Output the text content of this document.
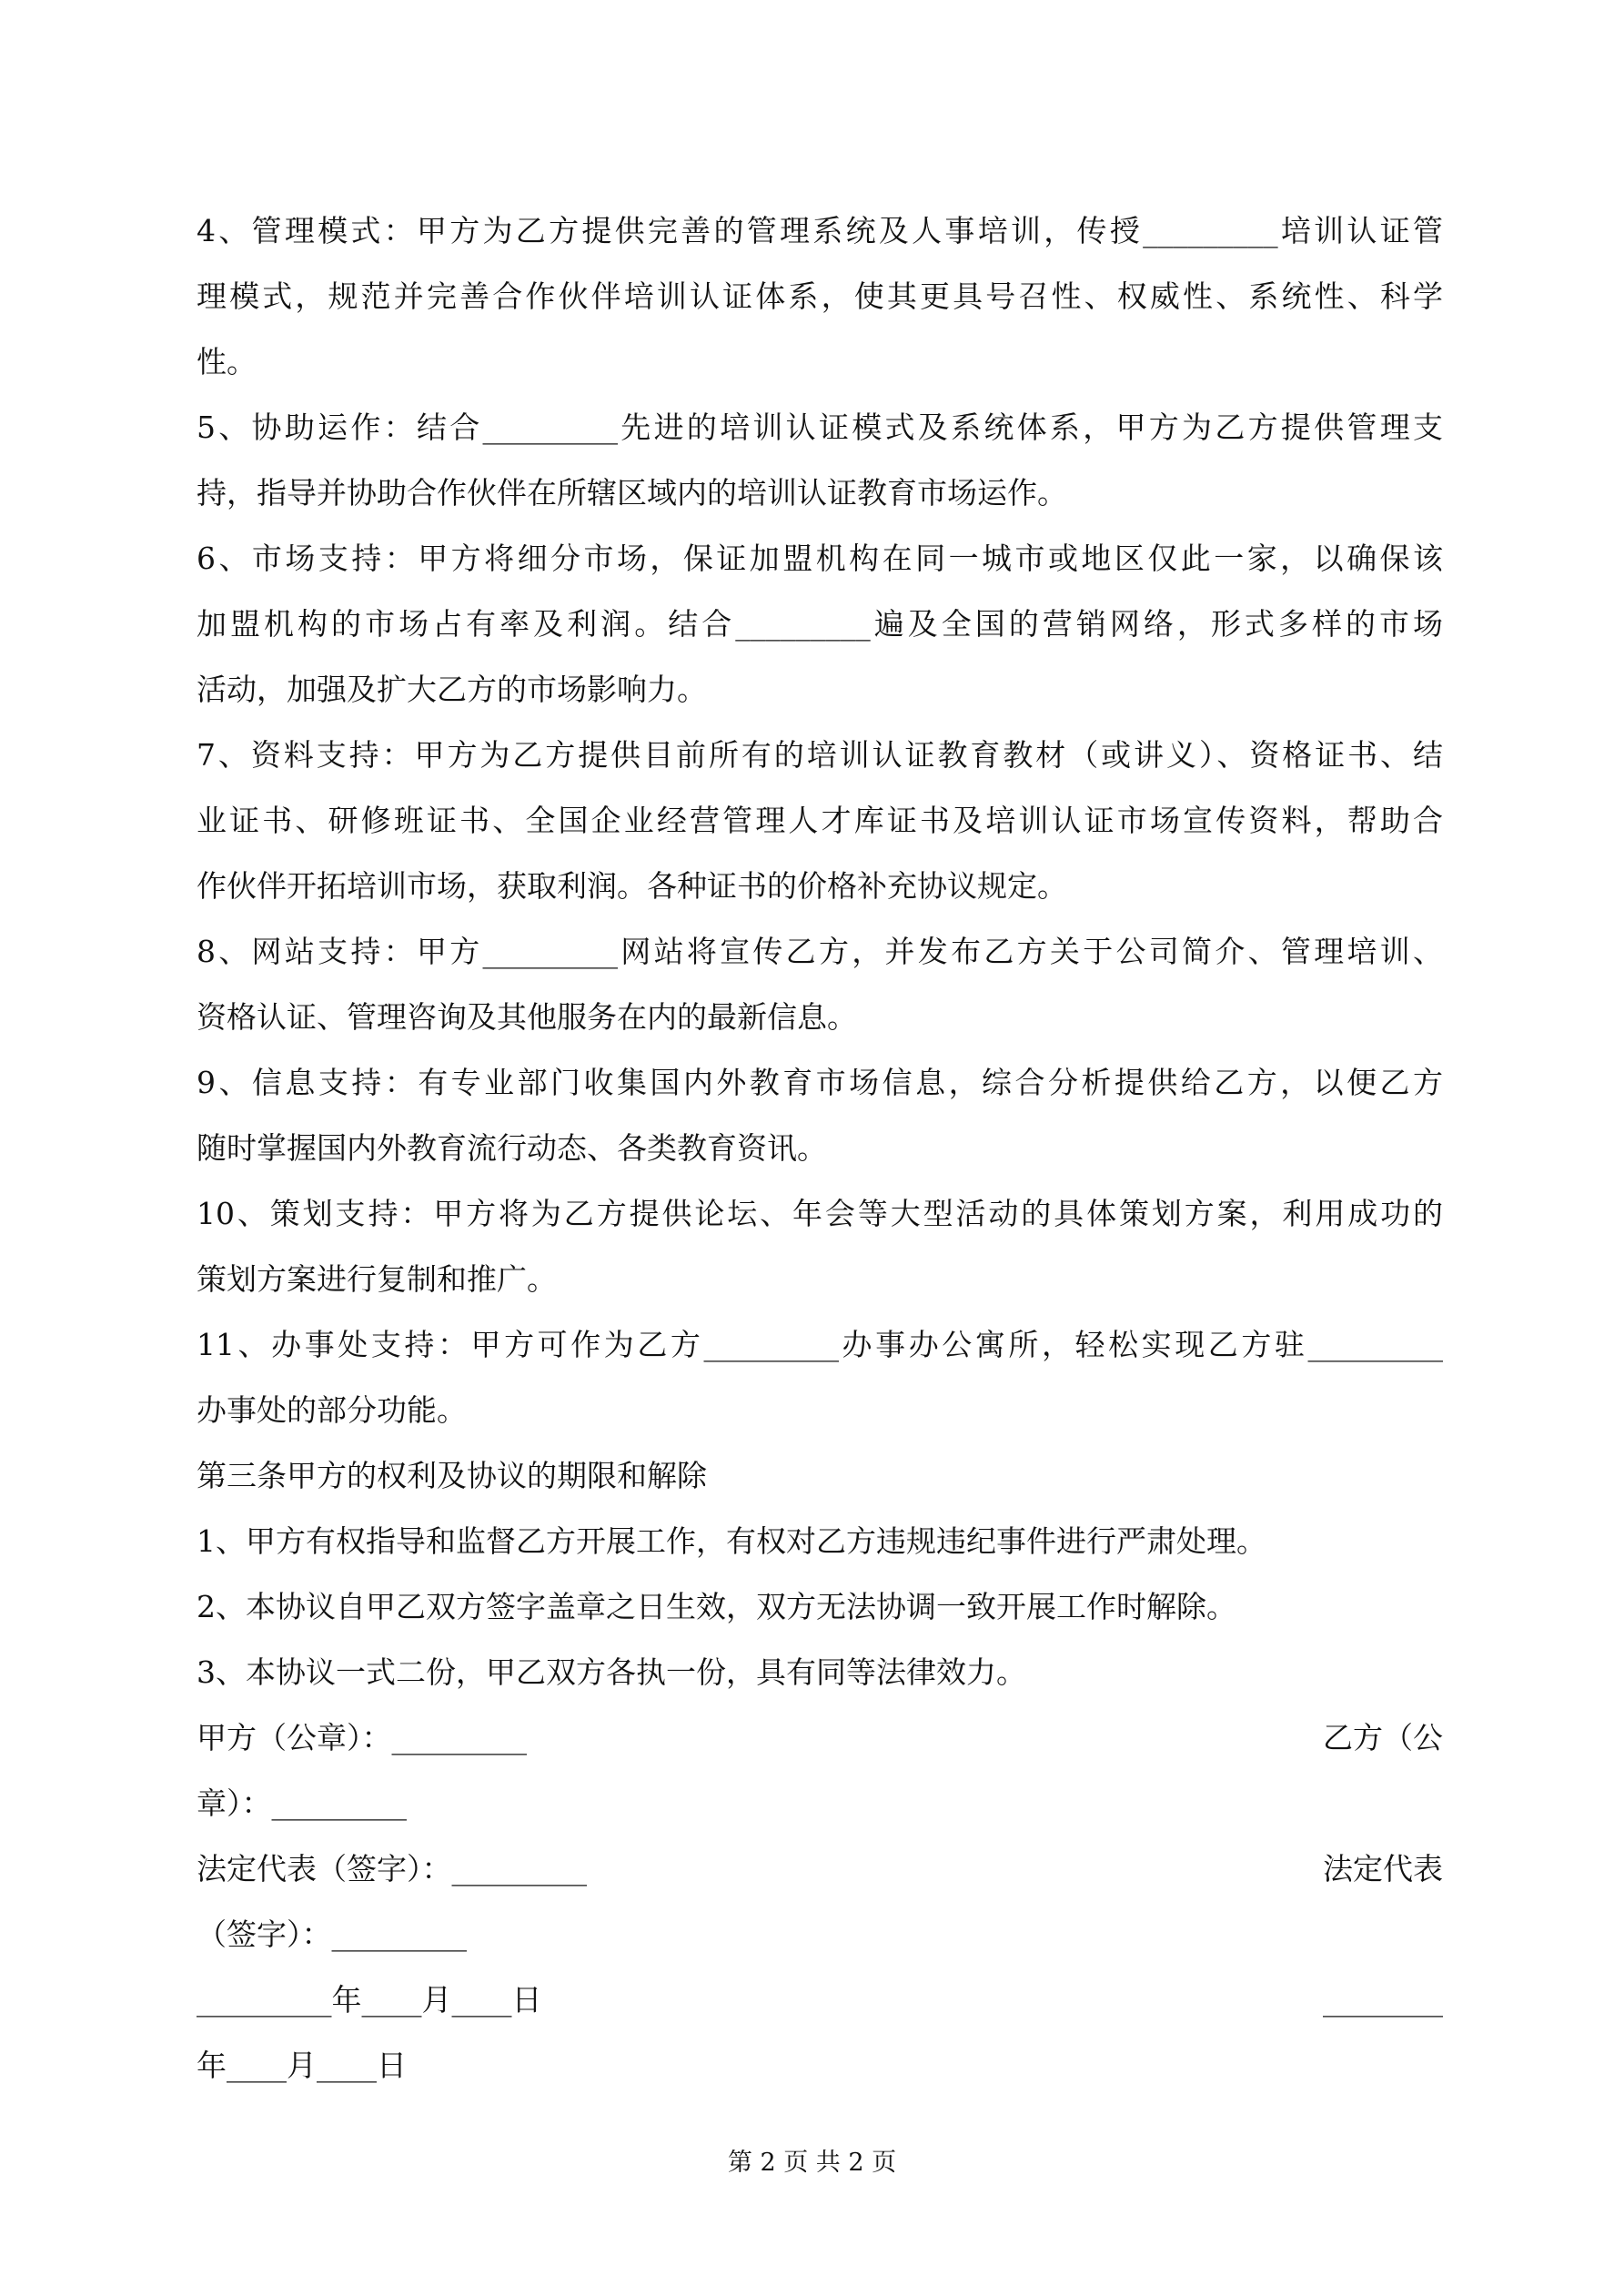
4、管理模式：甲方为乙方提供完善的管理系统及人事培训，传授_________培训认证管
理模式，规范并完善合作伙伴培训认证体系，使其更具号召性、权威性、系统性、科学
性。
5、协助运作：结合_________先进的培训认证模式及系统体系，甲方为乙方提供管理支
持，指导并协助合作伙伴在所辖区域内的培训认证教育市场运作。
6、市场支持：甲方将细分市场，保证加盟机构在同一城市或地区仅此一家，以确保该
加盟机构的市场占有率及利润。结合_________遍及全国的营销网络，形式多样的市场
活动，加强及扩大乙方的市场影响力。
7、资料支持：甲方为乙方提供目前所有的培训认证教育教材（或讲义）、资格证书、结
业证书、研修班证书、全国企业经营管理人才库证书及培训认证市场宣传资料，帮助合
作伙伴开拓培训市场，获取利润。各种证书的价格补充协议规定。
8、网站支持：甲方_________网站将宣传乙方，并发布乙方关于公司简介、管理培训、
资格认证、管理咨询及其他服务在内的最新信息。
9、信息支持：有专业部门收集国内外教育市场信息，综合分析提供给乙方，以便乙方
随时掌握国内外教育流行动态、各类教育资讯。
10、策划支持：甲方将为乙方提供论坛、年会等大型活动的具体策划方案，利用成功的
策划方案进行复制和推广。
11、办事处支持：甲方可作为乙方_________办事办公寓所，轻松实现乙方驻_________
办事处的部分功能。
第三条甲方的权利及协议的期限和解除
1、甲方有权指导和监督乙方开展工作，有权对乙方违规违纪事件进行严肃处理。
2、本协议自甲乙双方签字盖章之日生效，双方无法协调一致开展工作时解除。
3、本协议一式二份，甲乙双方各执一份，具有同等法律效力。
甲方（公章）：_________	乙方（公
章）：_________
法定代表（签字）：_________	法定代表
（签字）：_________
_________年____月____日	________
年____月____日
第 2 页 共 2 页
